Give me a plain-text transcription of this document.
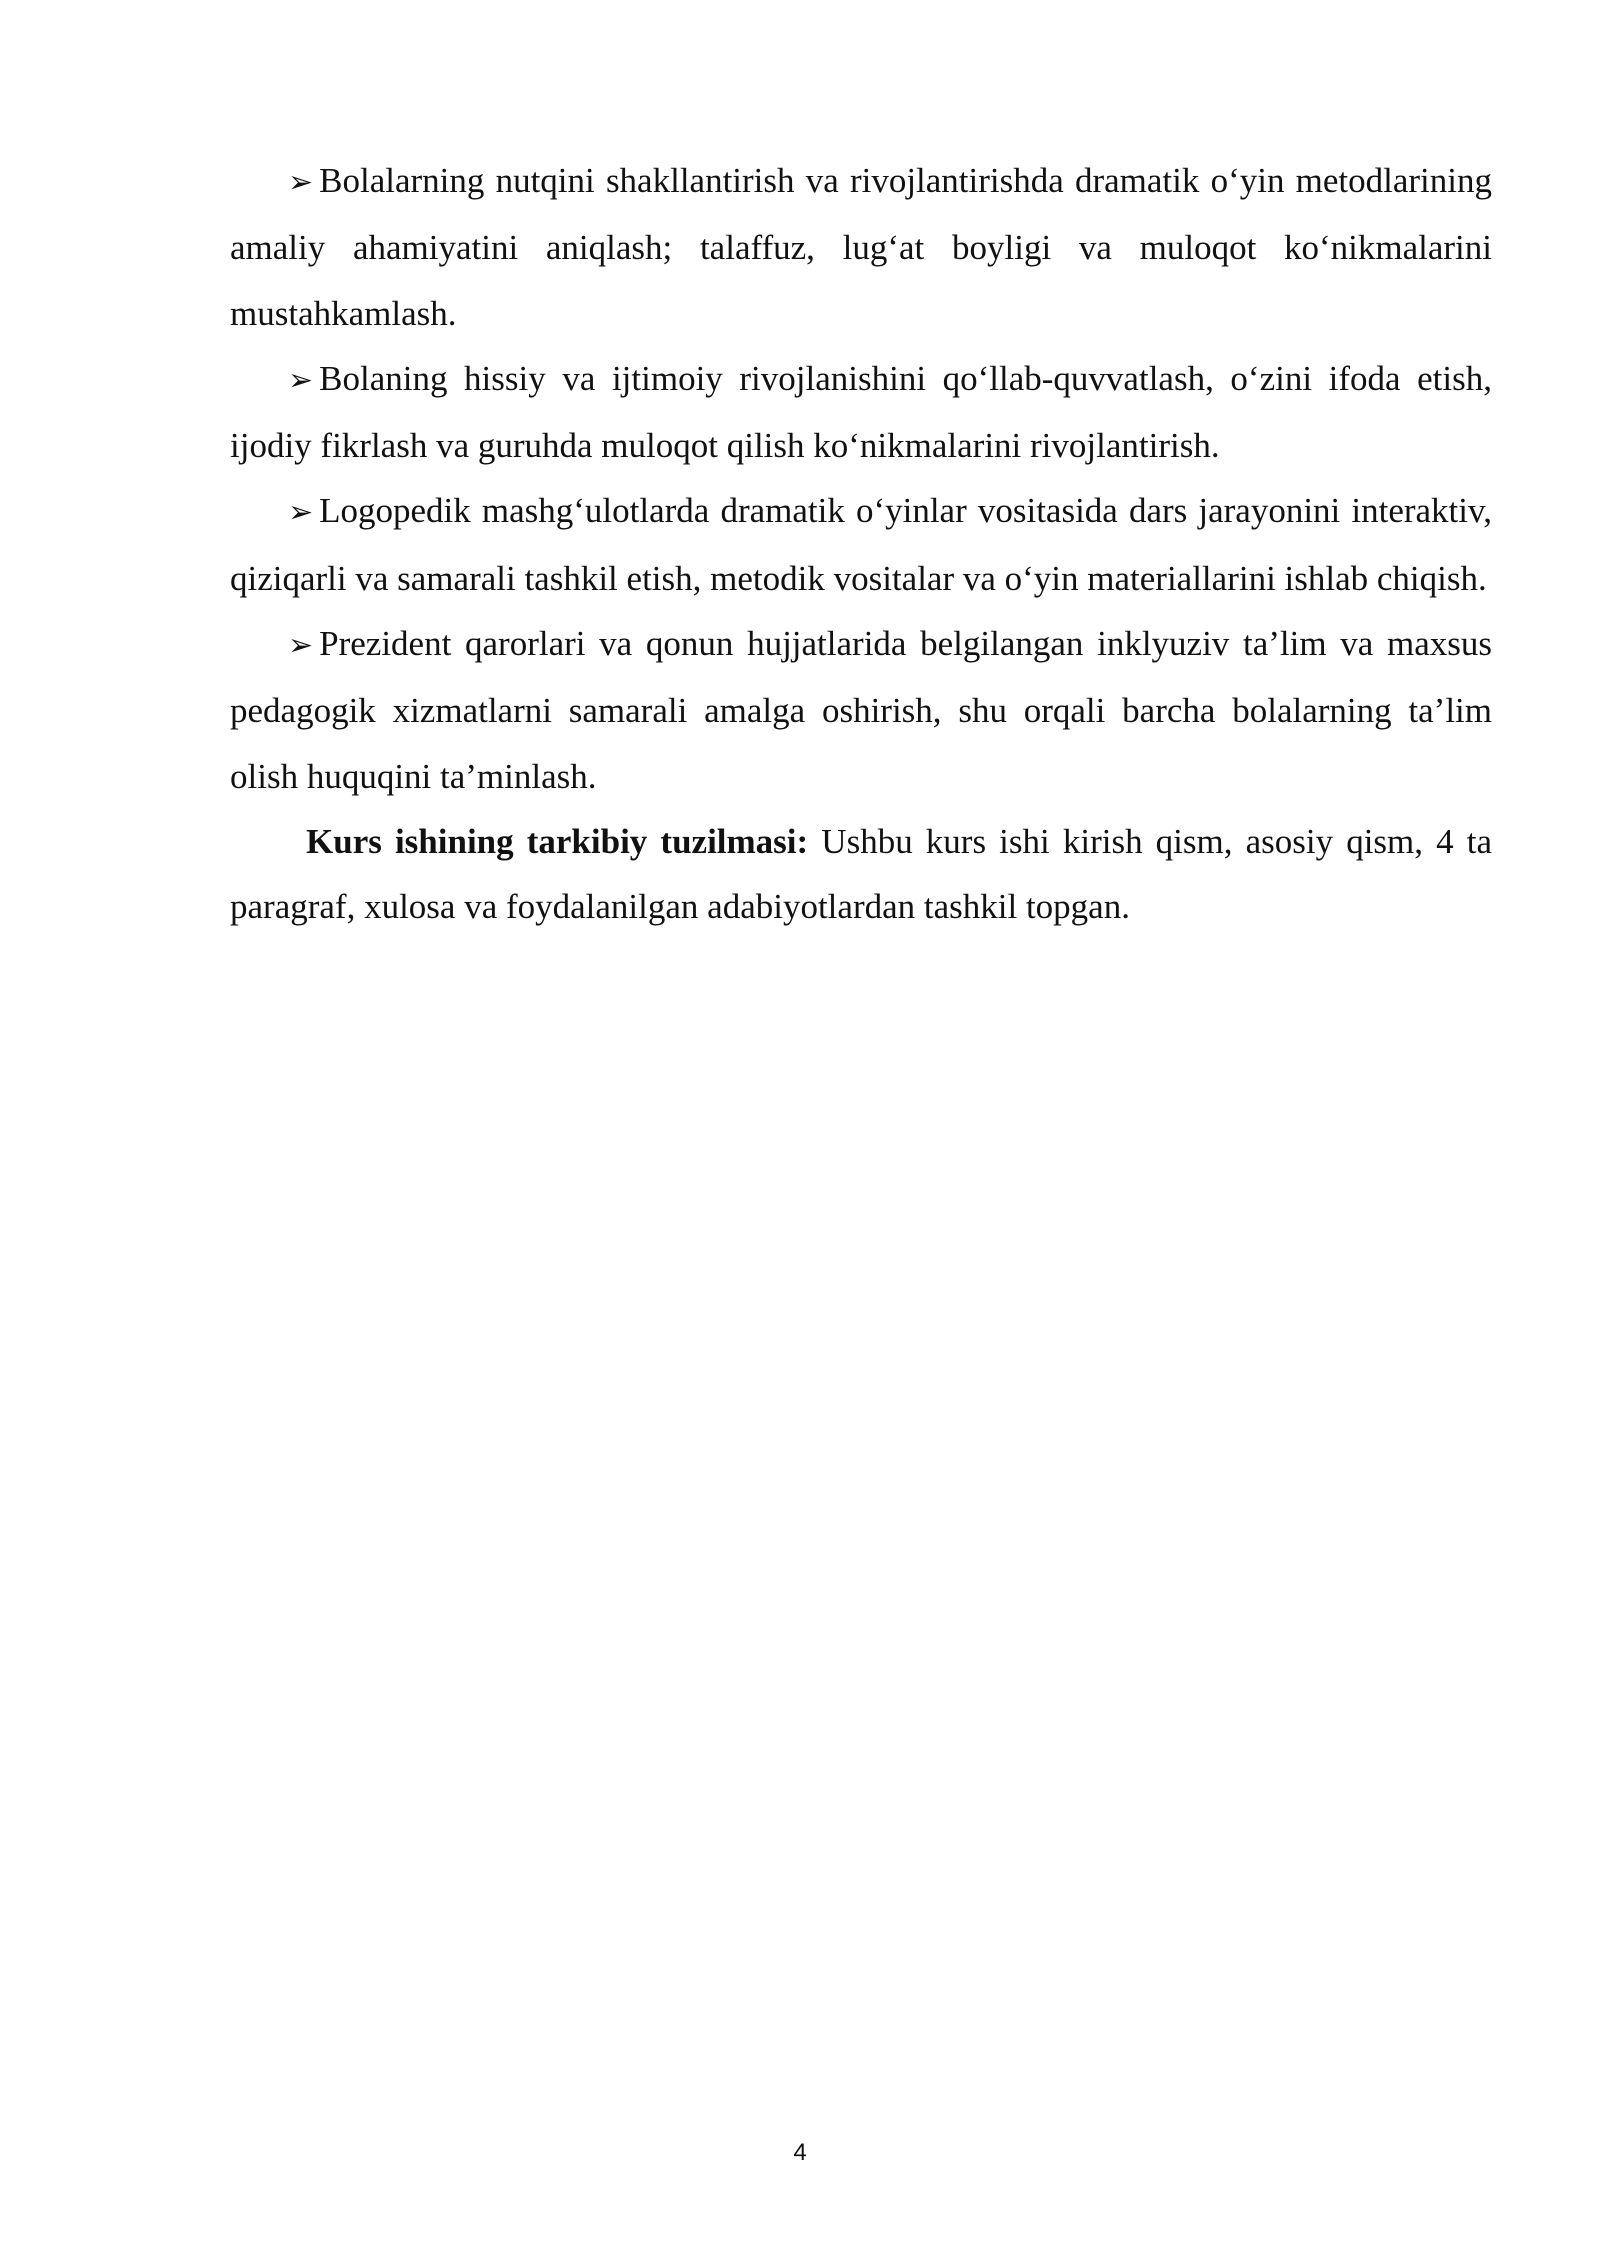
➢ Bolalarning nutqini shakllantirish va rivojlantirishda dramatik o‘yin metodlarining amaliy ahamiyatini aniqlash; talaffuz, lug‘at boyligi va muloqot ko‘nikmalarini mustahkamlash.

➢ Bolaning hissiy va ijtimoiy rivojlanishini qo‘llab-quvvatlash, o‘zini ifoda etish, ijodiy fikrlash va guruhda muloqot qilish ko‘nikmalarini rivojlantirish.

➢ Logopedik mashg‘ulotlarda dramatik o‘yinlar vositasida dars jarayonini interaktiv, qiziqarli va samarali tashkil etish, metodik vositalar va o‘yin materiallarini ishlab chiqish.

➢ Prezident qarorlari va qonun hujjatlarida belgilangan inklyuziv ta’lim va maxsus pedagogik xizmatlarni samarali amalga oshirish, shu orqali barcha bolalarning ta’lim olish huquqini ta’minlash.

Kurs ishining tarkibiy tuzilmasi: Ushbu kurs ishi kirish qism, asosiy qism, 4 ta paragraf, xulosa va foydalanilgan adabiyotlardan tashkil topgan.

4
